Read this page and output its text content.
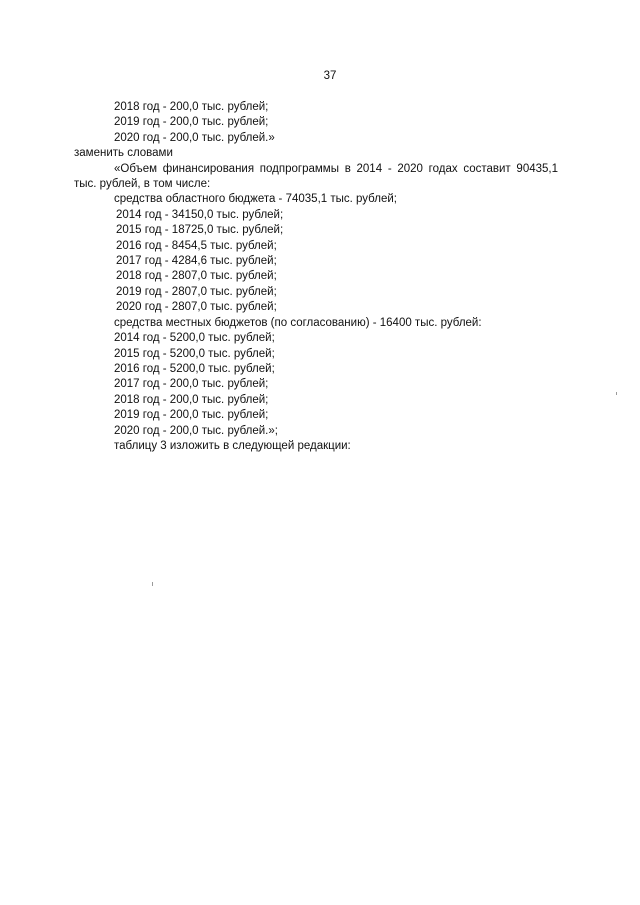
37
2018 год - 200,0 тыс. рублей;
2019 год - 200,0 тыс. рублей;
2020 год - 200,0 тыс. рублей.»
заменить словами
«Объем финансирования подпрограммы в 2014 - 2020 годах составит 90435,1
тыс. рублей, в том числе:
средства областного бюджета - 74035,1 тыс. рублей;
2014 год - 34150,0 тыс. рублей;
2015 год - 18725,0 тыс. рублей;
2016 год - 8454,5 тыс. рублей;
2017 год - 4284,6 тыс. рублей;
2018 год - 2807,0 тыс. рублей;
2019 год - 2807,0 тыс. рублей;
2020 год - 2807,0 тыс. рублей;
средства местных бюджетов (по согласованию) - 16400 тыс. рублей:
2014 год - 5200,0 тыс. рублей;
2015 год - 5200,0 тыс. рублей;
2016 год - 5200,0 тыс. рублей;
2017 год - 200,0 тыс. рублей;
2018 год - 200,0 тыс. рублей;
2019 год - 200,0 тыс. рублей;
2020 год - 200,0 тыс. рублей.»;
таблицу 3 изложить в следующей редакции:
